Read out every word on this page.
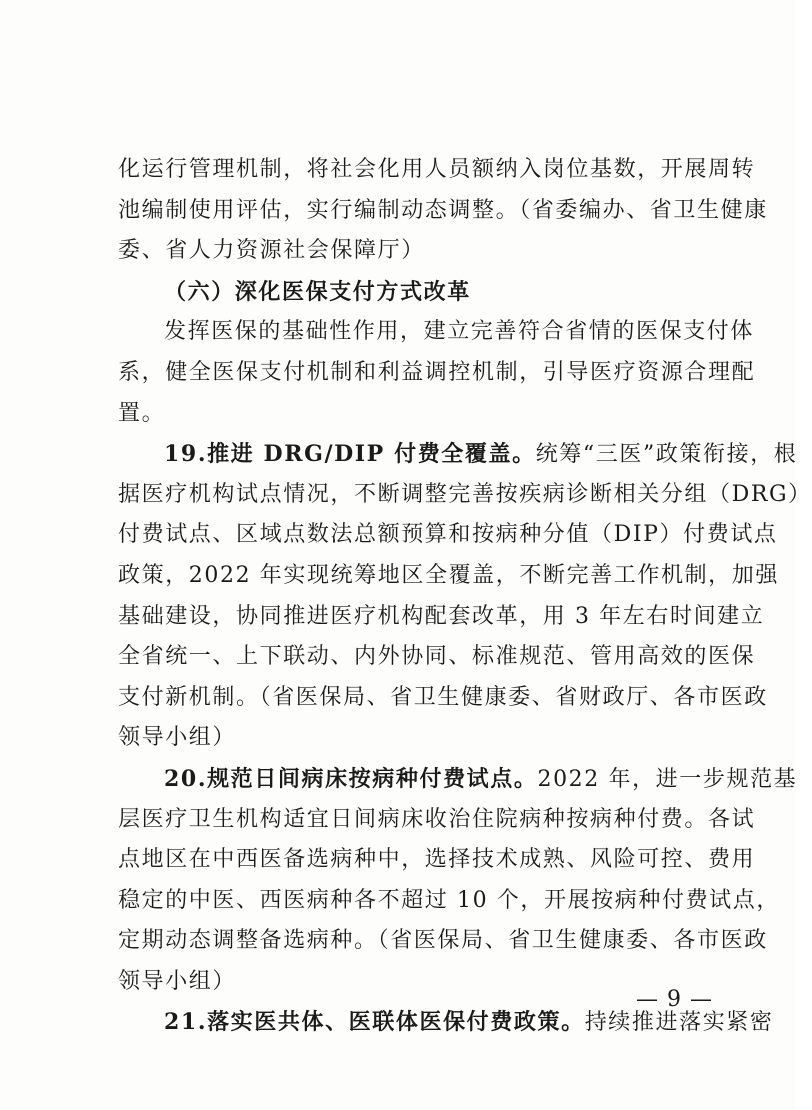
化运行管理机制，将社会化用人员额纳入岗位基数，开展周转
池编制使用评估，实行编制动态调整。（省委编办、省卫生健康
委、省人力资源社会保障厅）
（六）深化医保支付方式改革
发挥医保的基础性作用，建立完善符合省情的医保支付体
系，健全医保支付机制和利益调控机制，引导医疗资源合理配
置。
19.推进 DRG/DIP 付费全覆盖。统筹“三医”政策衔接，根
据医疗机构试点情况，不断调整完善按疾病诊断相关分组（DRG）
付费试点、区域点数法总额预算和按病种分值（DIP）付费试点
政策，2022 年实现统筹地区全覆盖，不断完善工作机制，加强
基础建设，协同推进医疗机构配套改革，用 3 年左右时间建立
全省统一、上下联动、内外协同、标准规范、管用高效的医保
支付新机制。（省医保局、省卫生健康委、省财政厅、各市医政
领导小组）
20.规范日间病床按病种付费试点。2022 年，进一步规范基
层医疗卫生机构适宜日间病床收治住院病种按病种付费。各试
点地区在中西医备选病种中，选择技术成熟、风险可控、费用
稳定的中医、西医病种各不超过 10 个，开展按病种付费试点，
定期动态调整备选病种。（省医保局、省卫生健康委、各市医政
领导小组）
21.落实医共体、医联体医保付费政策。持续推进落实紧密
— 9 —
